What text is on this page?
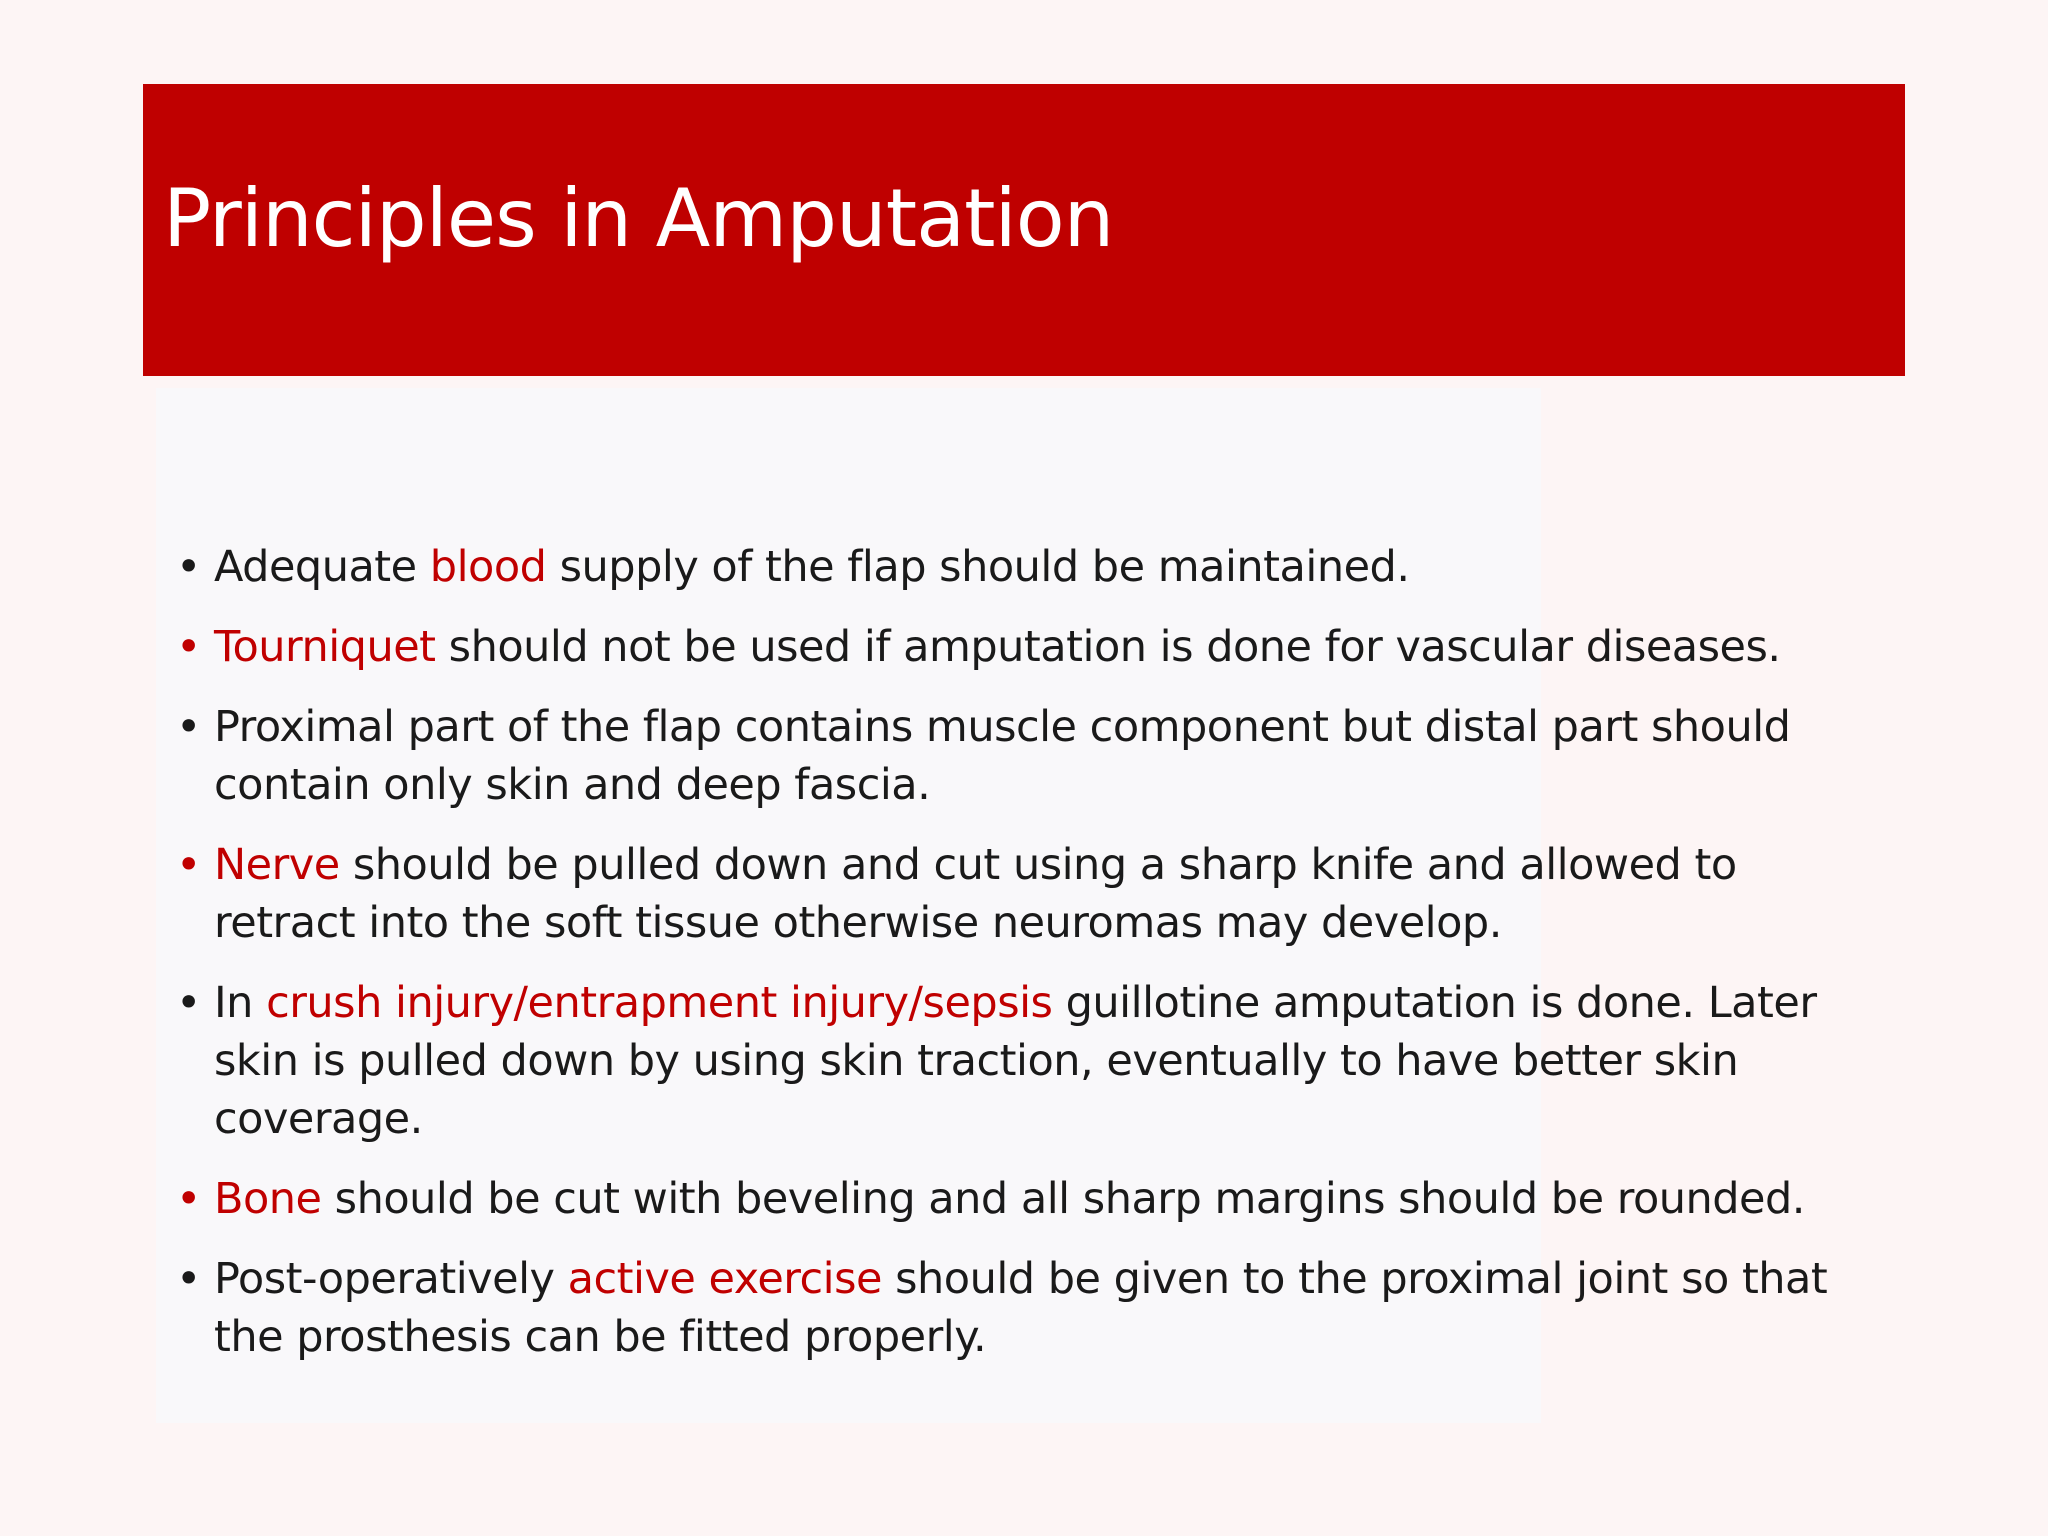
Principles in Amputation
• Adequate blood supply of the flap should be maintained.
• Tourniquet should not be used if amputation is done for vascular diseases.
• Proximal part of the flap contains muscle component but distal part should contain only skin and deep fascia.
• Nerve should be pulled down and cut using a sharp knife and allowed to retract into the soft tissue otherwise neuromas may develop.
• In crush injury/entrapment injury/sepsis guillotine amputation is done. Later skin is pulled down by using skin traction, eventually to have better skin coverage.
• Bone should be cut with beveling and all sharp margins should be rounded.
• Post-operatively active exercise should be given to the proximal joint so that the prosthesis can be fitted properly.
